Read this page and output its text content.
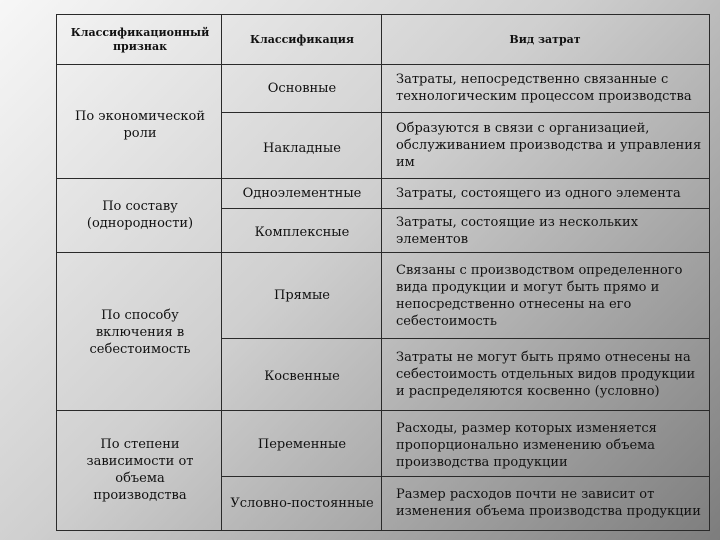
Классификационный признак
Классификация	Вид затрат
По экономической
роли
По составу
(однородности)
По способу
включения в
себестоимость
По степени
зависимости от
объема
производства
Основные
Накладные
Одноэлементные
Комплексные
Прямые
Косвенные
Переменные
Условно-постоянные
Затраты, непосредственно связанные с
технологическим процессом производства
Образуются в связи с организацией,
обслуживанием производства и управления
им
Затраты, состоящего из одного элемента
Затраты, состоящие из нескольких
элементов
Связаны с производством определенного
вида продукции и могут быть прямо и
непосредственно отнесены на его
себестоимость
Затраты не могут быть прямо отнесены на
себестоимость отдельных видов продукции
и распределяются косвенно (условно)
Расходы, размер которых изменяется
пропорционально изменению объема
производства продукции
Размер расходов почти не зависит от
изменения объема производства продукции
